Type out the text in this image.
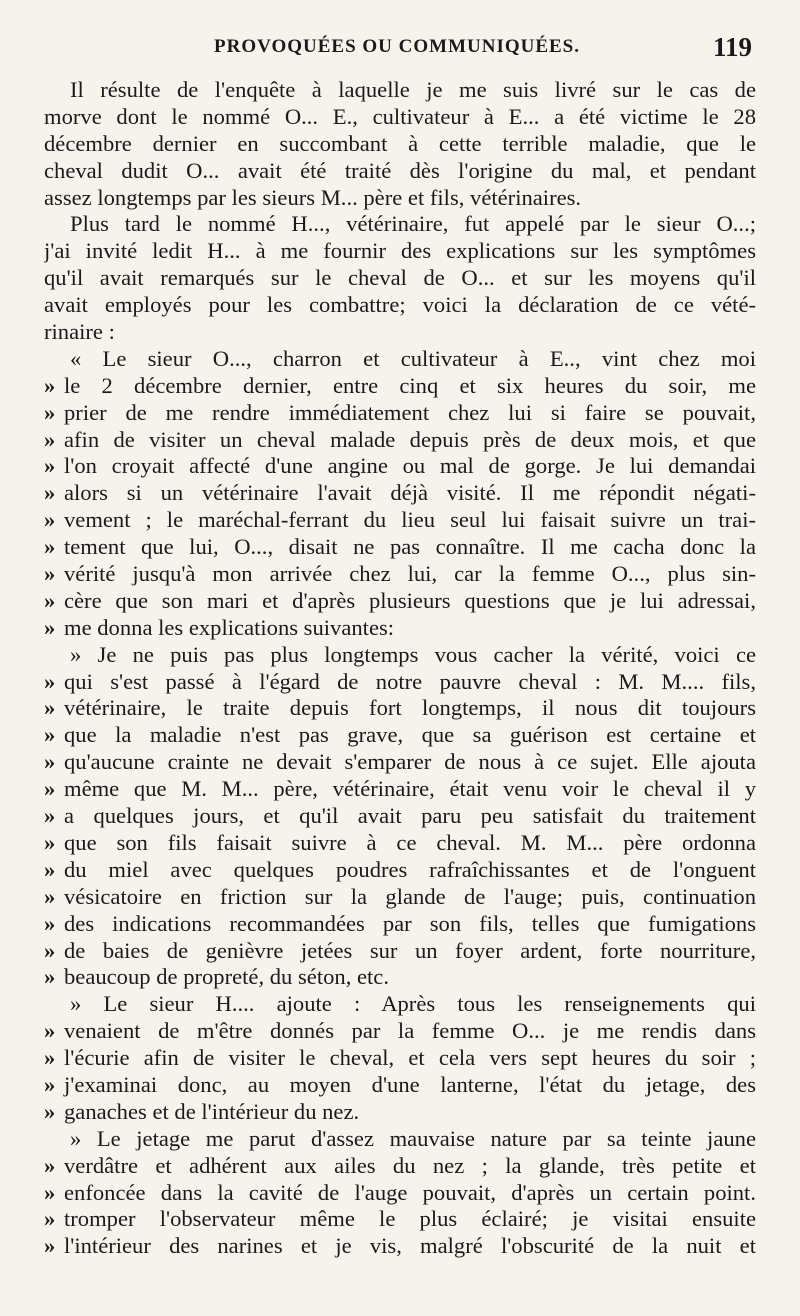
PROVOQUÉES OU COMMUNIQUÉES.	119
Il résulte de l'enquête à laquelle je me suis livré sur le cas de
morve dont le nommé O... E., cultivateur à E... a été victime le 28
décembre dernier en succombant à cette terrible maladie, que le
cheval dudit O... avait été traité dès l'origine du mal, et pendant
assez longtemps par les sieurs M... père et fils, vétérinaires.
Plus tard le nommé H..., vétérinaire, fut appelé par le sieur O...;
j'ai invité ledit H... à me fournir des explications sur les symptômes
qu'il avait remarqués sur le cheval de O... et sur les moyens qu'il
avait employés pour les combattre; voici la déclaration de ce vété-
rinaire :
« Le sieur O..., charron et cultivateur à E.., vint chez moi
» le 2 décembre dernier, entre cinq et six heures du soir, me
» prier de me rendre immédiatement chez lui si faire se pouvait,
» afin de visiter un cheval malade depuis près de deux mois, et que
» l'on croyait affecté d'une angine ou mal de gorge. Je lui demandai
» alors si un vétérinaire l'avait déjà visité. Il me répondit négati-
» vement ; le maréchal-ferrant du lieu seul lui faisait suivre un trai-
» tement que lui, O..., disait ne pas connaître. Il me cacha donc la
» vérité jusqu'à mon arrivée chez lui, car la femme O..., plus sin-
» cère que son mari et d'après plusieurs questions que je lui adressai,
» me donna les explications suivantes:
» Je ne puis pas plus longtemps vous cacher la vérité, voici ce
» qui s'est passé à l'égard de notre pauvre cheval : M. M.... fils,
» vétérinaire, le traite depuis fort longtemps, il nous dit toujours
» que la maladie n'est pas grave, que sa guérison est certaine et
» qu'aucune crainte ne devait s'emparer de nous à ce sujet. Elle ajouta
» même que M. M... père, vétérinaire, était venu voir le cheval il y
» a quelques jours, et qu'il avait paru peu satisfait du traitement
» que son fils faisait suivre à ce cheval. M. M... père ordonna
» du miel avec quelques poudres rafraîchissantes et de l'onguent
» vésicatoire en friction sur la glande de l'auge; puis, continuation
» des indications recommandées par son fils, telles que fumigations
» de baies de genièvre jetées sur un foyer ardent, forte nourriture,
» beaucoup de propreté, du séton, etc.
» Le sieur H.... ajoute : Après tous les renseignements qui
» venaient de m'être donnés par la femme O... je me rendis dans
» l'écurie afin de visiter le cheval, et cela vers sept heures du soir ;
» j'examinai donc, au moyen d'une lanterne, l'état du jetage, des
» ganaches et de l'intérieur du nez.
» Le jetage me parut d'assez mauvaise nature par sa teinte jaune
» verdâtre et adhérent aux ailes du nez ; la glande, très petite et
» enfoncée dans la cavité de l'auge pouvait, d'après un certain point.
» tromper l'observateur même le plus éclairé; je visitai ensuite
» l'intérieur des narines et je vis, malgré l'obscurité de la nuit et
